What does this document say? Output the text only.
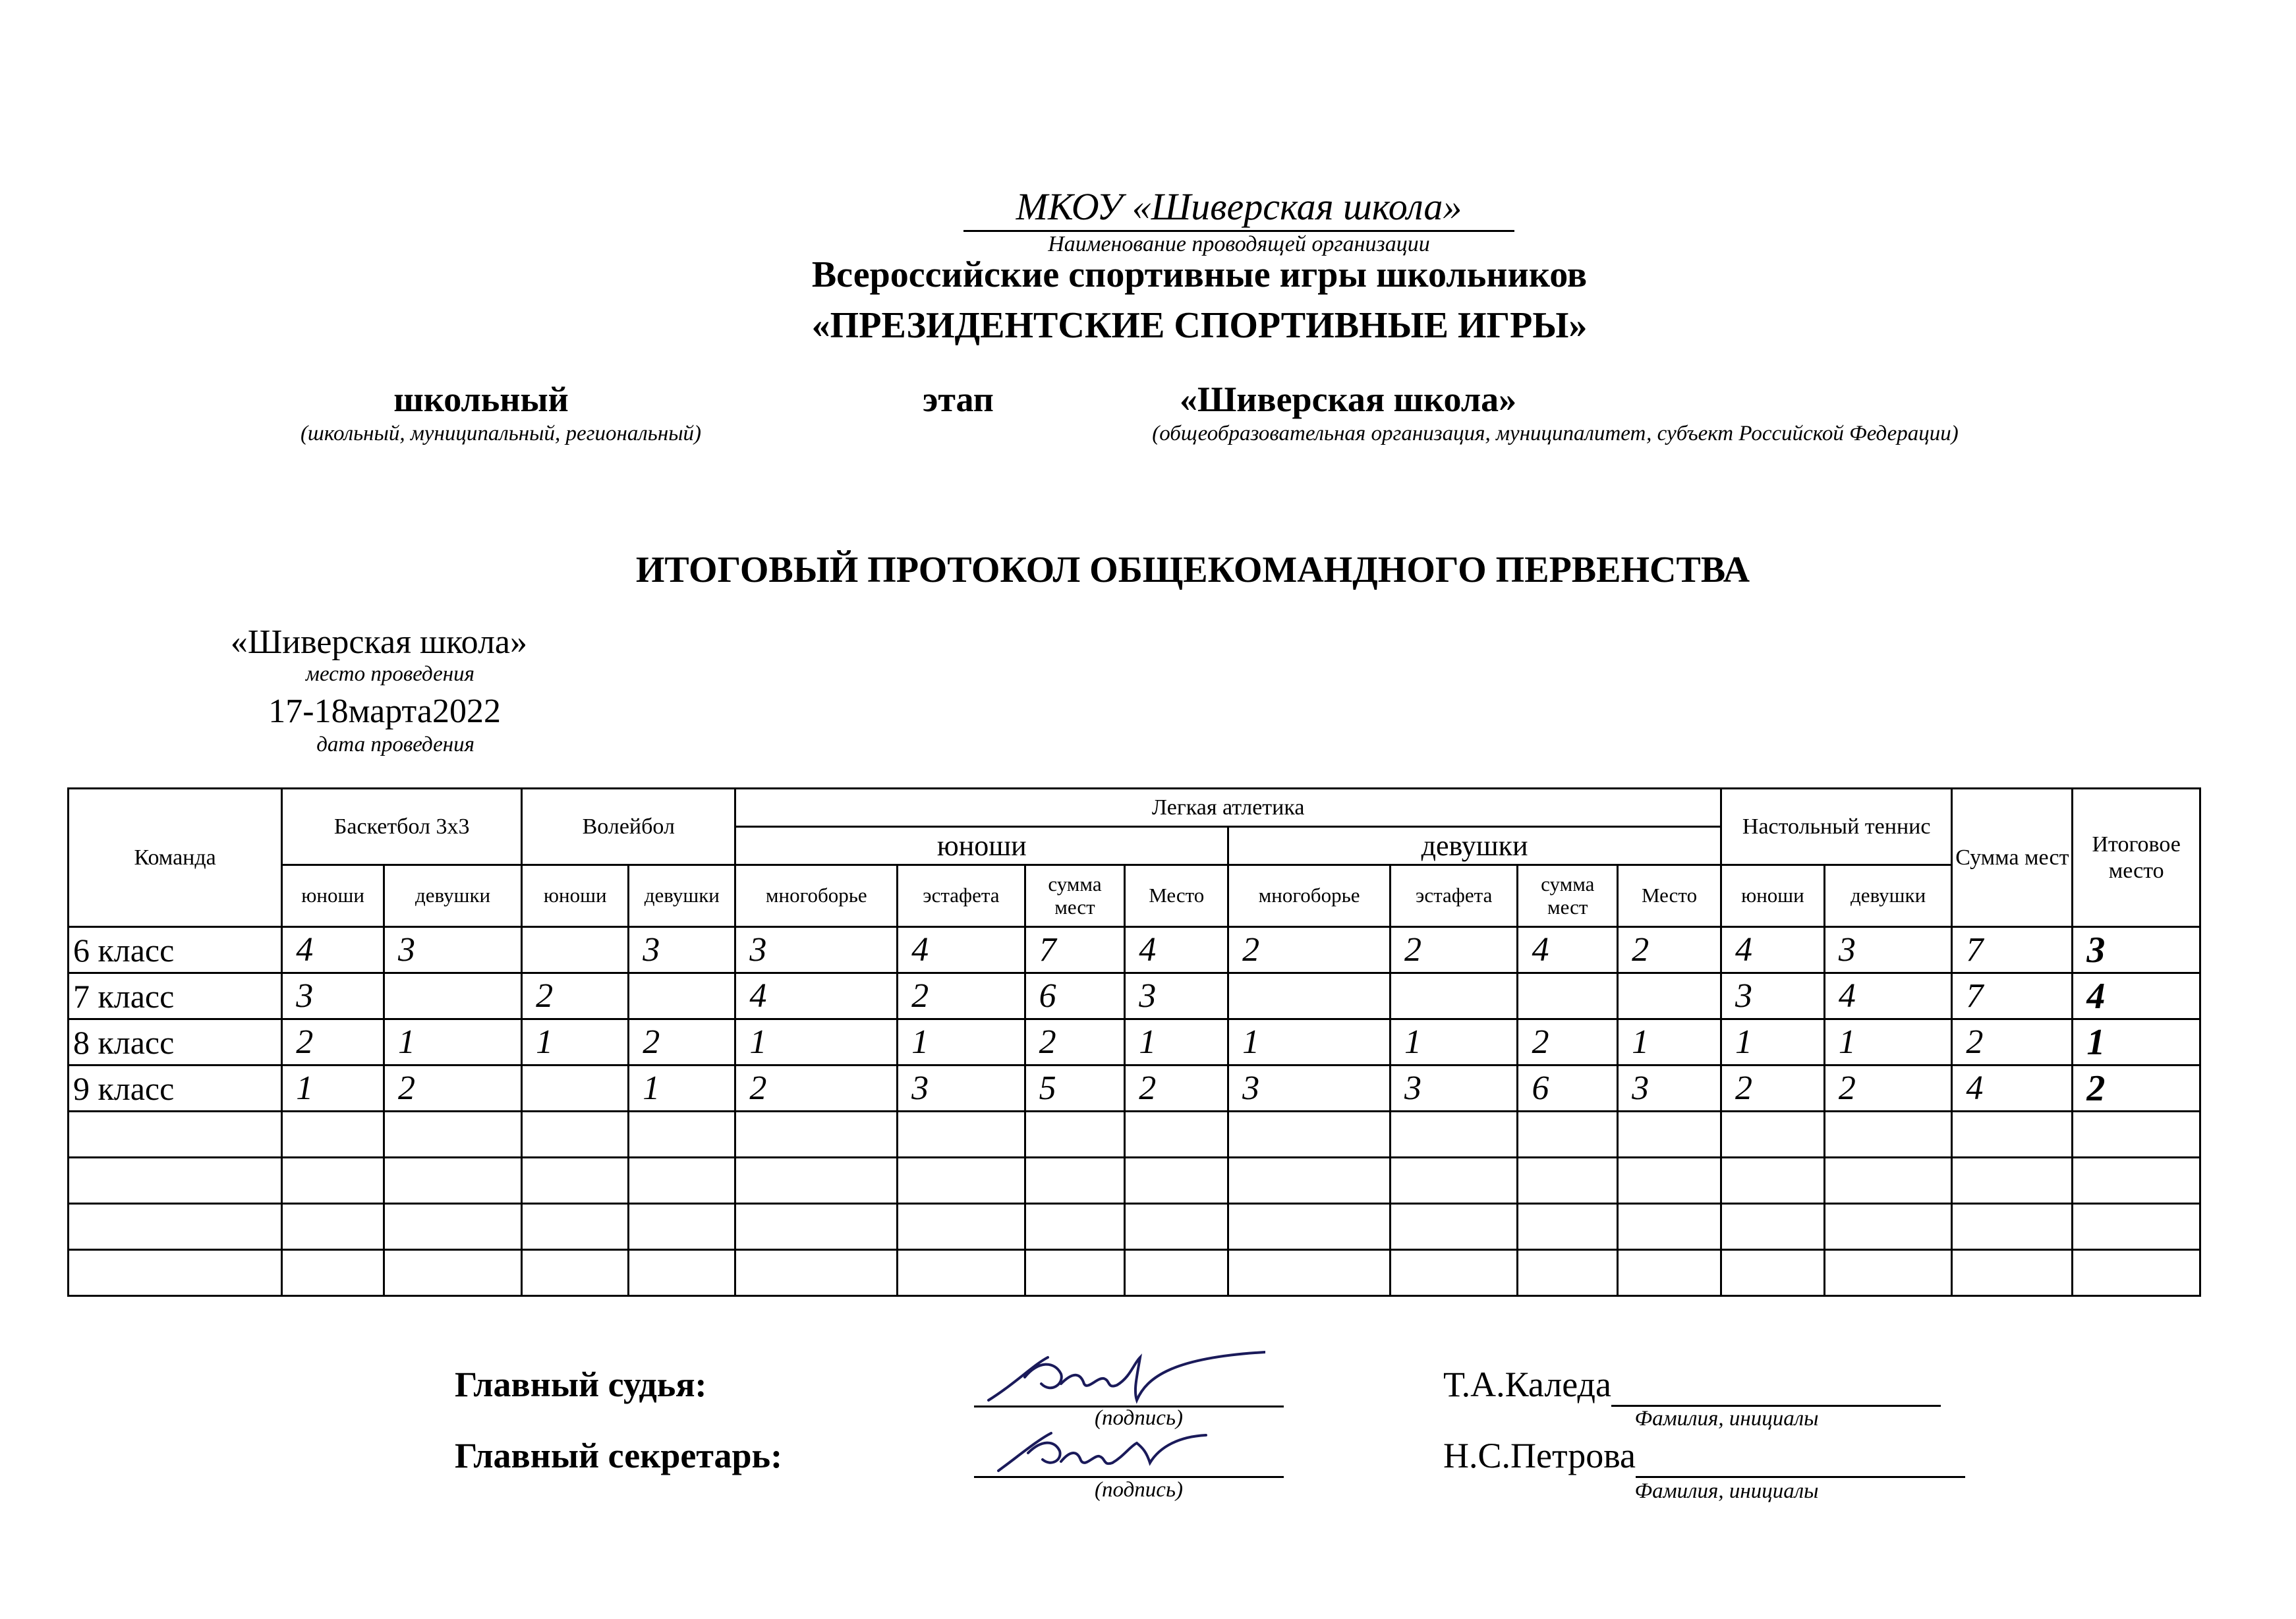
МКОУ «Шиверская школа»
Наименование проводящей организации
Всероссийские спортивные игры школьников
«ПРЕЗИДЕНТСКИЕ СПОРТИВНЫЕ ИГРЫ»
школьный
(школьный, муниципальный, региональный)
этап	«Шиверская школа»
(общеобразовательная организация, муниципалитет, субъект Российской Федерации)
ИТОГОВЫЙ ПРОТОКОЛ ОБЩЕКОМАНДНОГО ПЕРВЕНСТВА
«Шиверская школа»
место проведения
17-18марта2022
дата проведения
Команда	Баскетбол 3х3		Волейбол		Легкая атлетика								Настольный теннис		Сумма мест	Итоговое место
					юноши				девушки							
	юноши	девушки	юноши	девушки	многоборье	эстафета	сумма мест	Место	многоборье	эстафета	сумма мест	Место	юноши	девушки		
6 класс	4	3		3	3	4	7	4	2	2	4	2	4	3	7	3
7 класс	3		2		4	2	6	3					3	4	7	4
8 класс	2	1	1	2	1	1	2	1	1	1	2	1	1	1	2	1
9 класс	1	2		1	2	3	5	2	3	3	6	3	2	2	4	2

Главный судья:
(подпись)
Т.А.Каледа
Фамилия, инициалы
Главный секретарь:
(подпись)
Н.С.Петрова
Фамилия, инициалы
